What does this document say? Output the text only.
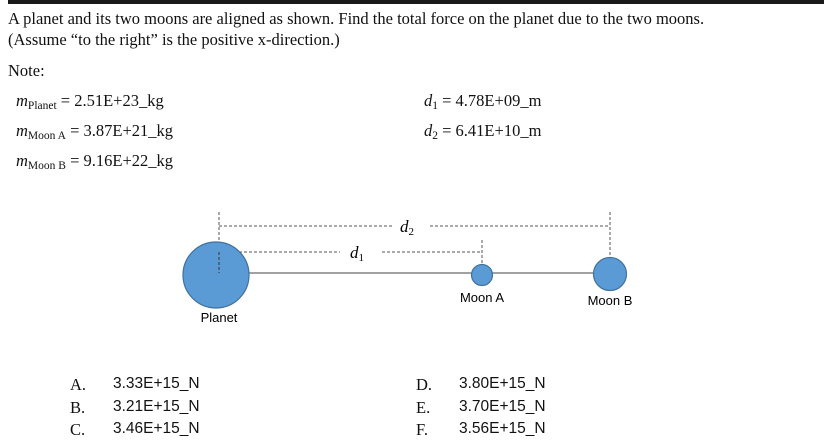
A planet and its two moons are aligned as shown. Find the total force on the planet due to the two moons.
(Assume “to the right” is the positive x-direction.)
Note:
$m_{Planet}$ = 2.51E+23_kg
$m_{Moon A}$ = 3.87E+21_kg
$m_{Moon B}$ = 9.16E+22_kg
$d_1$ = 4.78E+09_m
$d_2$ = 6.41E+10_m
d1
d2
Planet
Moon A	Moon B
A. 3.33E+15_N
B. 3.21E+15_N
C. 3.46E+15_N
D. 3.80E+15_N
E. 3.70E+15_N
F. 3.56E+15_N
